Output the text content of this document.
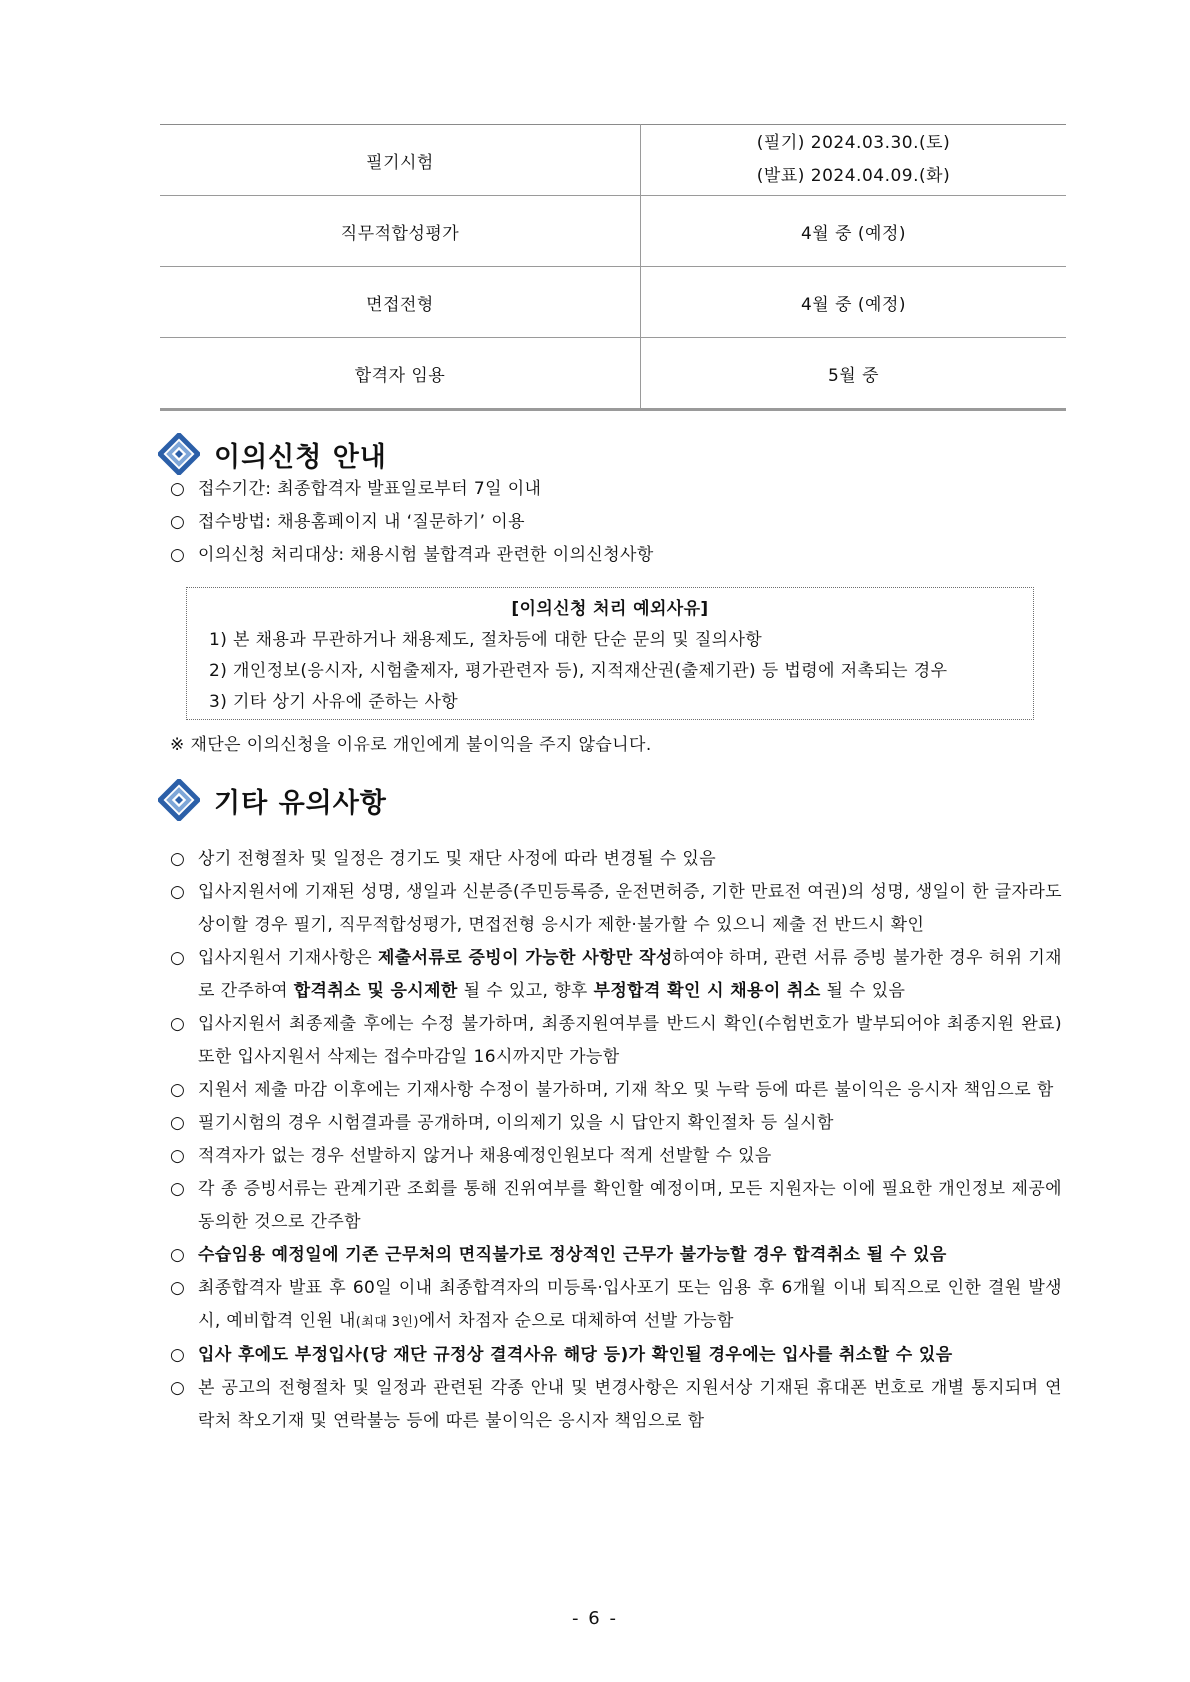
필기시험	(필기) 2024.03.30.(토)
(발표) 2024.04.09.(화)

직무적합성평가	4월 중 (예정)
면접전형	4월 중 (예정)
합격자 임용	5월 중
이의신청 안내
○ 접수기간: 최종합격자 발표일로부터 7일 이내
○ 접수방법: 채용홈페이지 내 ‘질문하기’ 이용
○ 이의신청 처리대상: 채용시험 불합격과 관련한 이의신청사항
[이의신청 처리 예외사유]
1) 본 채용과 무관하거나 채용제도, 절차등에 대한 단순 문의 및 질의사항
2) 개인정보(응시자, 시험출제자, 평가관련자 등), 지적재산권(출제기관) 등 법령에 저촉되는 경우
3) 기타 상기 사유에 준하는 사항
※ 재단은 이의신청을 이유로 개인에게 불이익을 주지 않습니다.
기타 유의사항
○ 상기 전형절차 및 일정은 경기도 및 재단 사정에 따라 변경될 수 있음
○ 입사지원서에 기재된 성명, 생일과 신분증(주민등록증, 운전면허증, 기한 만료전 여권)의 성명, 생일이 한 글자라도 상이할 경우 필기, 직무적합성평가, 면접전형 응시가 제한·불가할 수 있으니 제출 전 반드시 확인
○ 입사지원서 기재사항은 제출서류로 증빙이 가능한 사항만 작성하여야 하며, 관련 서류 증빙 불가한 경우 허위 기재로 간주하여 합격취소 및 응시제한 될 수 있고, 향후 부정합격 확인 시 채용이 취소 될 수 있음
○ 입사지원서 최종제출 후에는 수정 불가하며, 최종지원여부를 반드시 확인(수험번호가 발부되어야 최종지원 완료) 또한 입사지원서 삭제는 접수마감일 16시까지만 가능함
○ 지원서 제출 마감 이후에는 기재사항 수정이 불가하며, 기재 착오 및 누락 등에 따른 불이익은 응시자 책임으로 함
○ 필기시험의 경우 시험결과를 공개하며, 이의제기 있을 시 답안지 확인절차 등 실시함
○ 적격자가 없는 경우 선발하지 않거나 채용예정인원보다 적게 선발할 수 있음
○ 각 종 증빙서류는 관계기관 조회를 통해 진위여부를 확인할 예정이며, 모든 지원자는 이에 필요한 개인정보 제공에 동의한 것으로 간주함
○ 수습임용 예정일에 기존 근무처의 면직불가로 정상적인 근무가 불가능할 경우 합격취소 될 수 있음
○ 최종합격자 발표 후 60일 이내 최종합격자의 미등록·입사포기 또는 임용 후 6개월 이내 퇴직으로 인한 결원 발생 시, 예비합격 인원 내(최대 3인)에서 차점자 순으로 대체하여 선발 가능함
○ 입사 후에도 부정입사(당 재단 규정상 결격사유 해당 등)가 확인될 경우에는 입사를 취소할 수 있음
○ 본 공고의 전형절차 및 일정과 관련된 각종 안내 및 변경사항은 지원서상 기재된 휴대폰 번호로 개별 통지되며 연락처 착오기재 및 연락불능 등에 따른 불이익은 응시자 책임으로 함
- 6 -
